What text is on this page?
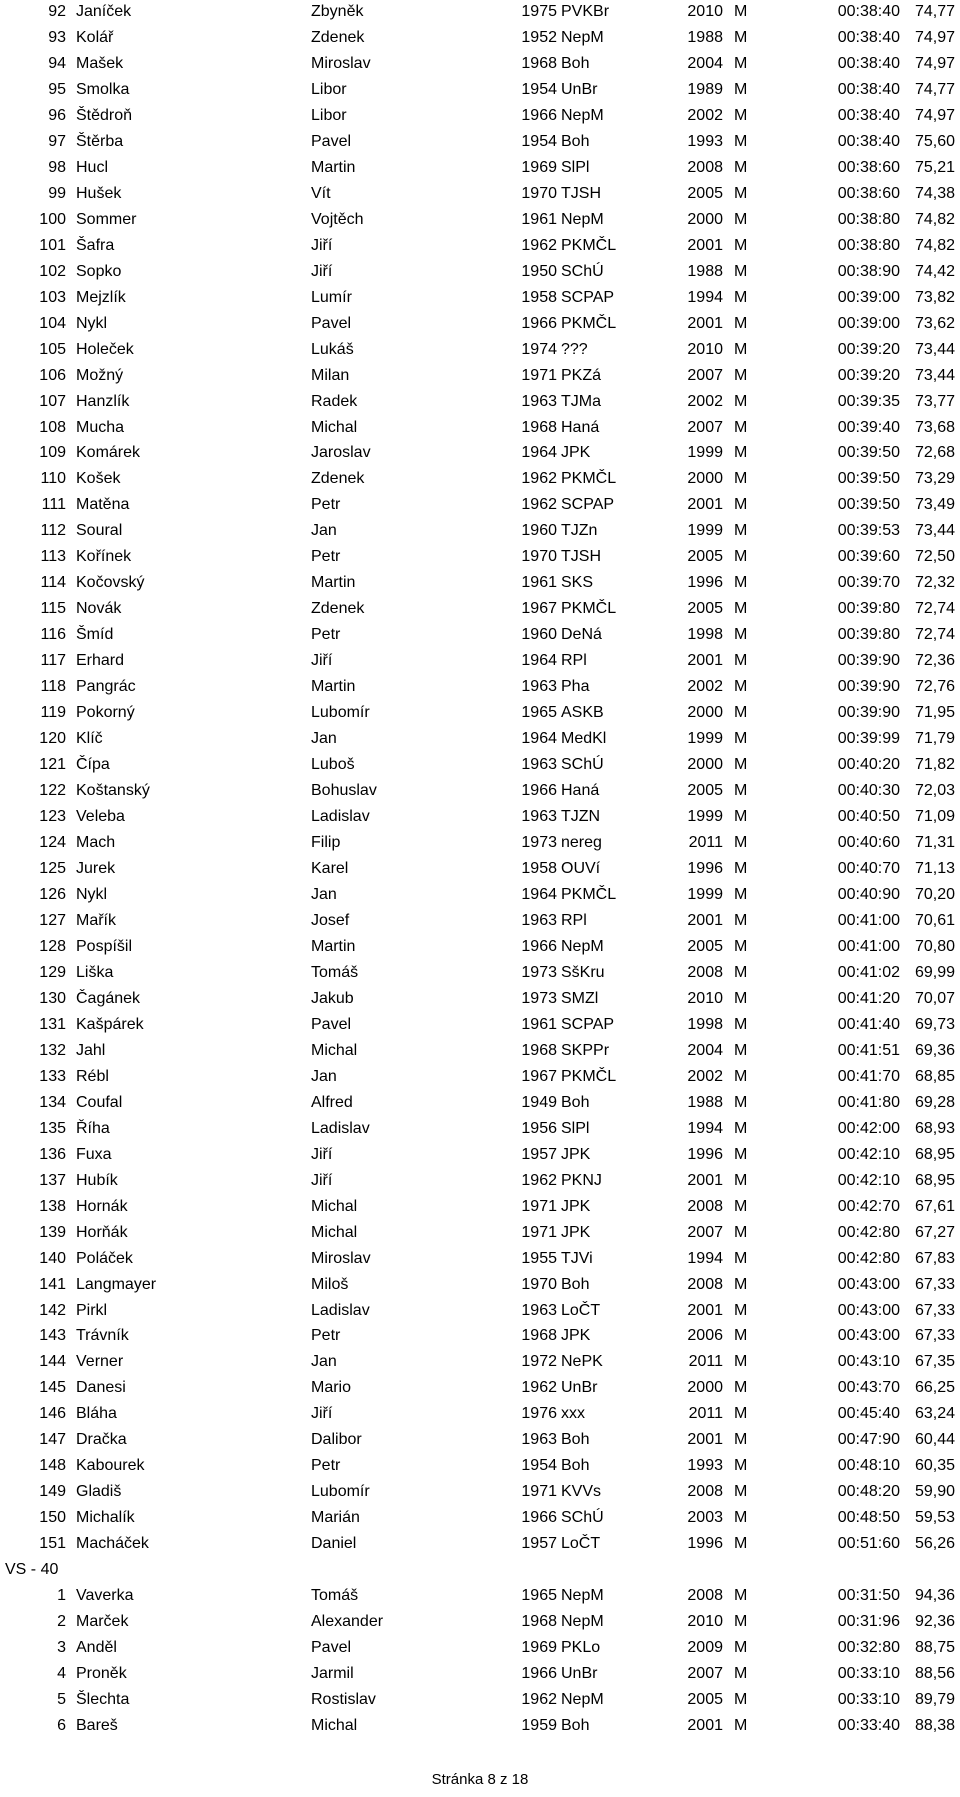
92 Janíček	Zbyněk	1975 PVKBr	2010 M	00:38:40 74,77
93 Kolář	Zdenek	1952 NepM	1988 M	00:38:40 74,97
94 Mašek	Miroslav	1968 Boh	2004 M	00:38:40 74,97
95 Smolka	Libor	1954 UnBr	1989 M	00:38:40 74,77
96 Štědroň	Libor	1966 NepM	2002 M	00:38:40 74,97
97 Štěrba	Pavel	1954 Boh	1993 M	00:38:40 75,60
98 Hucl	Martin	1969 SlPl	2008 M	00:38:60 75,21
99 Hušek	Vít	1970 TJSH	2005 M	00:38:60 74,38
100 Sommer	Vojtěch	1961 NepM	2000 M	00:38:80 74,82
101 Šafra	Jiří	1962 PKMČL	2001 M	00:38:80 74,82
102 Sopko	Jiří	1950 SChÚ	1988 M	00:38:90 74,42
103 Mejzlík	Lumír	1958 SCPAP	1994 M	00:39:00 73,82
104 Nykl	Pavel	1966 PKMČL	2001 M	00:39:00 73,62
105 Holeček	Lukáš	1974 ???	2010 M	00:39:20 73,44
106 Možný	Milan	1971 PKZá	2007 M	00:39:20 73,44
107 Hanzlík	Radek	1963 TJMa	2002 M	00:39:35 73,77
108 Mucha	Michal	1968 Haná	2007 M	00:39:40 73,68
109 Komárek	Jaroslav	1964 JPK	1999 M	00:39:50 72,68
110 Košek	Zdenek	1962 PKMČL	2000 M	00:39:50 73,29
111 Matěna	Petr	1962 SCPAP	2001 M	00:39:50 73,49
112 Soural	Jan	1960 TJZn	1999 M	00:39:53 73,44
113 Kořínek	Petr	1970 TJSH	2005 M	00:39:60 72,50
114 Kočovský	Martin	1961 SKS	1996 M	00:39:70 72,32
115 Novák	Zdenek	1967 PKMČL	2005 M	00:39:80 72,74
116 Šmíd	Petr	1960 DeNá	1998 M	00:39:80 72,74
117 Erhard	Jiří	1964 RPl	2001 M	00:39:90 72,36
118 Pangrác	Martin	1963 Pha	2002 M	00:39:90 72,76
119 Pokorný	Lubomír	1965 ASKB	2000 M	00:39:90 71,95
120 Klíč	Jan	1964 MedKl	1999 M	00:39:99 71,79
121 Čípa	Luboš	1963 SChÚ	2000 M	00:40:20 71,82
122 Koštanský	Bohuslav	1966 Haná	2005 M	00:40:30 72,03
123 Veleba	Ladislav	1963 TJZN	1999 M	00:40:50 71,09
124 Mach	Filip	1973 nereg	2011 M	00:40:60 71,31
125 Jurek	Karel	1958 OUVí	1996 M	00:40:70 71,13
126 Nykl	Jan	1964 PKMČL	1999 M	00:40:90 70,20
127 Mařík	Josef	1963 RPl	2001 M	00:41:00 70,61
128 Pospíšil	Martin	1966 NepM	2005 M	00:41:00 70,80
129 Liška	Tomáš	1973 SšKru	2008 M	00:41:02 69,99
130 Čagánek	Jakub	1973 SMZl	2010 M	00:41:20 70,07
131 Kašpárek	Pavel	1961 SCPAP	1998 M	00:41:40 69,73
132 Jahl	Michal	1968 SKPPr	2004 M	00:41:51 69,36
133 Rébl	Jan	1967 PKMČL	2002 M	00:41:70 68,85
134 Coufal	Alfred	1949 Boh	1988 M	00:41:80 69,28
135 Říha	Ladislav	1956 SlPl	1994 M	00:42:00 68,93
136 Fuxa	Jiří	1957 JPK	1996 M	00:42:10 68,95
137 Hubík	Jiří	1962 PKNJ	2001 M	00:42:10 68,95
138 Hornák	Michal	1971 JPK	2008 M	00:42:70 67,61
139 Horňák	Michal	1971 JPK	2007 M	00:42:80 67,27
140 Poláček	Miroslav	1955 TJVi	1994 M	00:42:80 67,83
141 Langmayer	Miloš	1970 Boh	2008 M	00:43:00 67,33
142 Pirkl	Ladislav	1963 LoČT	2001 M	00:43:00 67,33
143 Trávník	Petr	1968 JPK	2006 M	00:43:00 67,33
144 Verner	Jan	1972 NePK	2011 M	00:43:10 67,35
145 Danesi	Mario	1962 UnBr	2000 M	00:43:70 66,25
146 Bláha	Jiří	1976 xxx	2011 M	00:45:40 63,24
147 Dračka	Dalibor	1963 Boh	2001 M	00:47:90 60,44
148 Kabourek	Petr	1954 Boh	1993 M	00:48:10 60,35
149 Gladiš	Lubomír	1971 KVVs	2008 M	00:48:20 59,90
150 Michalík	Marián	1966 SChÚ	2003 M	00:48:50 59,53
151 Macháček	Daniel	1957 LoČT	1996 M	00:51:60 56,26
VS - 40
1 Vaverka	Tomáš	1965 NepM	2008 M	00:31:50 94,36
2 Marček	Alexander	1968 NepM	2010 M	00:31:96 92,36
3 Anděl	Pavel	1969 PKLo	2009 M	00:32:80 88,75
4 Proněk	Jarmil	1966 UnBr	2007 M	00:33:10 88,56
5 Šlechta	Rostislav	1962 NepM	2005 M	00:33:10 89,79
6 Bareš	Michal	1959 Boh	2001 M	00:33:40 88,38
Stránka 8 z 18
